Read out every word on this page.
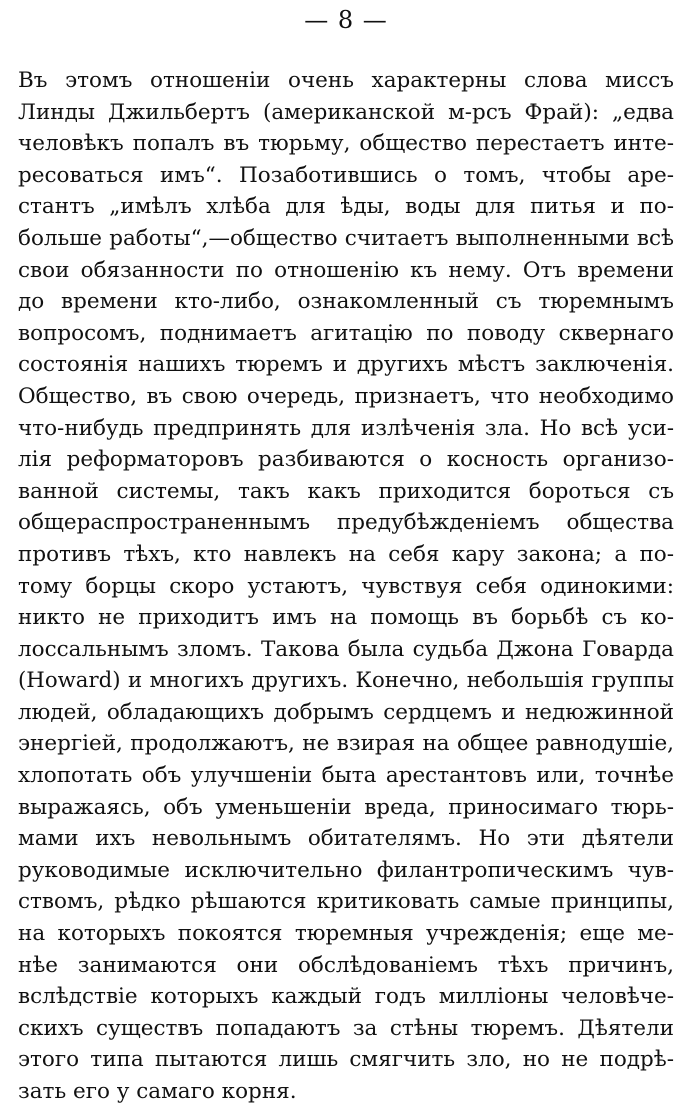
— 8 —
Въ этомъ отношенiи очень характерны слова миссъ
Линды Джильбертъ (американской м-рсъ Фрай): „едва
человѣкъ попалъ въ тюрьму, общество перестаетъ инте-
ресоваться имъ“. Позаботившись о томъ, чтобы аре-
стантъ „имѣлъ хлѣба для ѣды, воды для питья и по-
больше работы“,—общество считаетъ выполненными всѣ
свои обязанности по отношенiю къ нему. Отъ времени
до времени кто-либо, ознакомленный съ тюремнымъ
вопросомъ, поднимаетъ агитацiю по поводу сквернаго
состоянiя нашихъ тюремъ и другихъ мѣстъ заключенiя.
Общество, въ свою очередь, признаетъ, что необходимо
что-нибудь предпринять для излѣченiя зла. Но всѣ уси-
лiя реформаторовъ разбиваются о косность организо-
ванной системы, такъ какъ приходится бороться съ
общераспространеннымъ предубѣжденiемъ общества
противъ тѣхъ, кто навлекъ на себя кару закона; а по-
тому борцы скоро устаютъ, чувствуя себя одинокими:
никто не приходитъ имъ на помощь въ борьбѣ съ ко-
лоссальнымъ зломъ. Такова была судьба Джона Говарда
(Howard) и многихъ другихъ. Конечно, небольшiя группы
людей, обладающихъ добрымъ сердцемъ и недюжинной
энергiей, продолжаютъ, не взирая на общее равнодушiе,
хлопотать объ улучшенiи быта арестантовъ или, точнѣе
выражаясь, объ уменьшенiи вреда, приносимаго тюрь-
мами ихъ невольнымъ обитателямъ. Но эти дѣятели
руководимые исключительно филантропическимъ чув-
ствомъ, рѣдко рѣшаются критиковать самые принципы,
на которыхъ покоятся тюремныя учрежденiя; еще ме-
нѣе занимаются они обслѣдованiемъ тѣхъ причинъ,
вслѣдствiе которыхъ каждый годъ миллiоны человѣче-
скихъ существъ попадаютъ за стѣны тюремъ. Дѣятели
этого типа пытаются лишь смягчить зло, но не подрѣ-
зать его у самаго корня.
